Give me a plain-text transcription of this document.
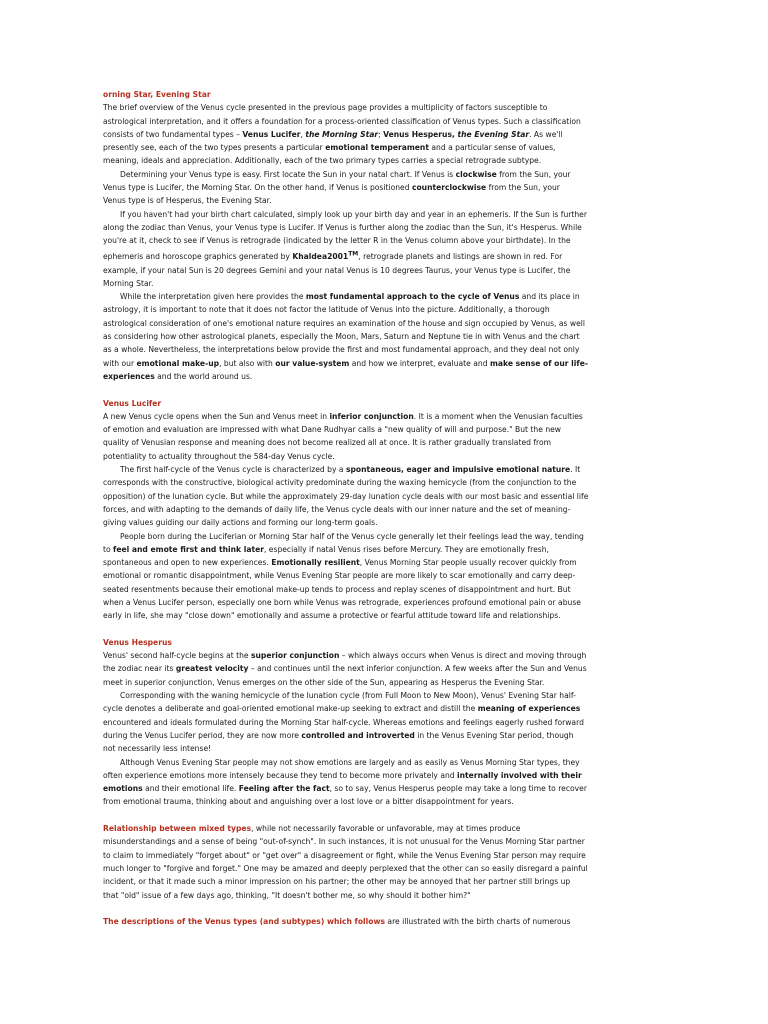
orning Star, Evening Star
The brief overview of the Venus cycle presented in the previous page provides a multiplicity of factors susceptible to
astrological interpretation, and it offers a foundation for a process-oriented classification of Venus types. Such a classification
consists of two fundamental types – Venus Lucifer, the Morning Star; Venus Hesperus, the Evening Star. As we'll
presently see, each of the two types presents a particular emotional temperament and a particular sense of values,
meaning, ideals and appreciation. Additionally, each of the two primary types carries a special retrograde subtype.
Determining your Venus type is easy. First locate the Sun in your natal chart. If Venus is clockwise from the Sun, your
Venus type is Lucifer, the Morning Star. On the other hand, if Venus is positioned counterclockwise from the Sun, your
Venus type is of Hesperus, the Evening Star.
If you haven't had your birth chart calculated, simply look up your birth day and year in an ephemeris. If the Sun is further
along the zodiac than Venus, your Venus type is Lucifer. If Venus is further along the zodiac than the Sun, it's Hesperus. While
you're at it, check to see if Venus is retrograde (indicated by the letter R in the Venus column above your birthdate). In the
ephemeris and horoscope graphics generated by Khaldea2001™, retrograde planets and listings are shown in red. For
example, if your natal Sun is 20 degrees Gemini and your natal Venus is 10 degrees Taurus, your Venus type is Lucifer, the
Morning Star.
While the interpretation given here provides the most fundamental approach to the cycle of Venus and its place in
astrology, it is important to note that it does not factor the latitude of Venus into the picture. Additionally, a thorough
astrological consideration of one's emotional nature requires an examination of the house and sign occupied by Venus, as well
as considering how other astrological planets, especially the Moon, Mars, Saturn and Neptune tie in with Venus and the chart
as a whole. Nevertheless, the interpretations below provide the first and most fundamental approach, and they deal not only
with our emotional make-up, but also with our value-system and how we interpret, evaluate and make sense of our life-
experiences and the world around us.
Venus Lucifer
A new Venus cycle opens when the Sun and Venus meet in inferior conjunction. It is a moment when the Venusian faculties
of emotion and evaluation are impressed with what Dane Rudhyar calls a "new quality of will and purpose." But the new
quality of Venusian response and meaning does not become realized all at once. It is rather gradually translated from
potentiality to actuality throughout the 584-day Venus cycle.
The first half-cycle of the Venus cycle is characterized by a spontaneous, eager and impulsive emotional nature. It
corresponds with the constructive, biological activity predominate during the waxing hemicycle (from the conjunction to the
opposition) of the lunation cycle. But while the approximately 29-day lunation cycle deals with our most basic and essential life
forces, and with adapting to the demands of daily life, the Venus cycle deals with our inner nature and the set of meaning-
giving values guiding our daily actions and forming our long-term goals.
People born during the Luciferian or Morning Star half of the Venus cycle generally let their feelings lead the way, tending
to feel and emote first and think later, especially if natal Venus rises before Mercury. They are emotionally fresh,
spontaneous and open to new experiences. Emotionally resilient, Venus Morning Star people usually recover quickly from
emotional or romantic disappointment, while Venus Evening Star people are more likely to scar emotionally and carry deep-
seated resentments because their emotional make-up tends to process and replay scenes of disappointment and hurt. But
when a Venus Lucifer person, especially one born while Venus was retrograde, experiences profound emotional pain or abuse
early in life, she may "close down" emotionally and assume a protective or fearful attitude toward life and relationships.
Venus Hesperus
Venus' second half-cycle begins at the superior conjunction – which always occurs when Venus is direct and moving through
the zodiac near its greatest velocity – and continues until the next inferior conjunction. A few weeks after the Sun and Venus
meet in superior conjunction, Venus emerges on the other side of the Sun, appearing as Hesperus the Evening Star.
Corresponding with the waning hemicycle of the lunation cycle (from Full Moon to New Moon), Venus' Evening Star half-
cycle denotes a deliberate and goal-oriented emotional make-up seeking to extract and distill the meaning of experiences
encountered and ideals formulated during the Morning Star half-cycle. Whereas emotions and feelings eagerly rushed forward
during the Venus Lucifer period, they are now more controlled and introverted in the Venus Evening Star period, though
not necessarily less intense!
Although Venus Evening Star people may not show emotions are largely and as easily as Venus Morning Star types, they
often experience emotions more intensely because they tend to become more privately and internally involved with their
emotions and their emotional life. Feeling after the fact, so to say, Venus Hesperus people may take a long time to recover
from emotional trauma, thinking about and anguishing over a lost love or a bitter disappointment for years.
Relationship between mixed types, while not necessarily favorable or unfavorable, may at times produce
misunderstandings and a sense of being "out-of-synch". In such instances, it is not unusual for the Venus Morning Star partner
to claim to immediately "forget about" or "get over" a disagreement or fight, while the Venus Evening Star person may require
much longer to "forgive and forget." One may be amazed and deeply perplexed that the other can so easily disregard a painful
incident, or that it made such a minor impression on his partner; the other may be annoyed that her partner still brings up
that "old" issue of a few days ago, thinking, "It doesn't bother me, so why should it bother him?"
The descriptions of the Venus types (and subtypes) which follows are illustrated with the birth charts of numerous
